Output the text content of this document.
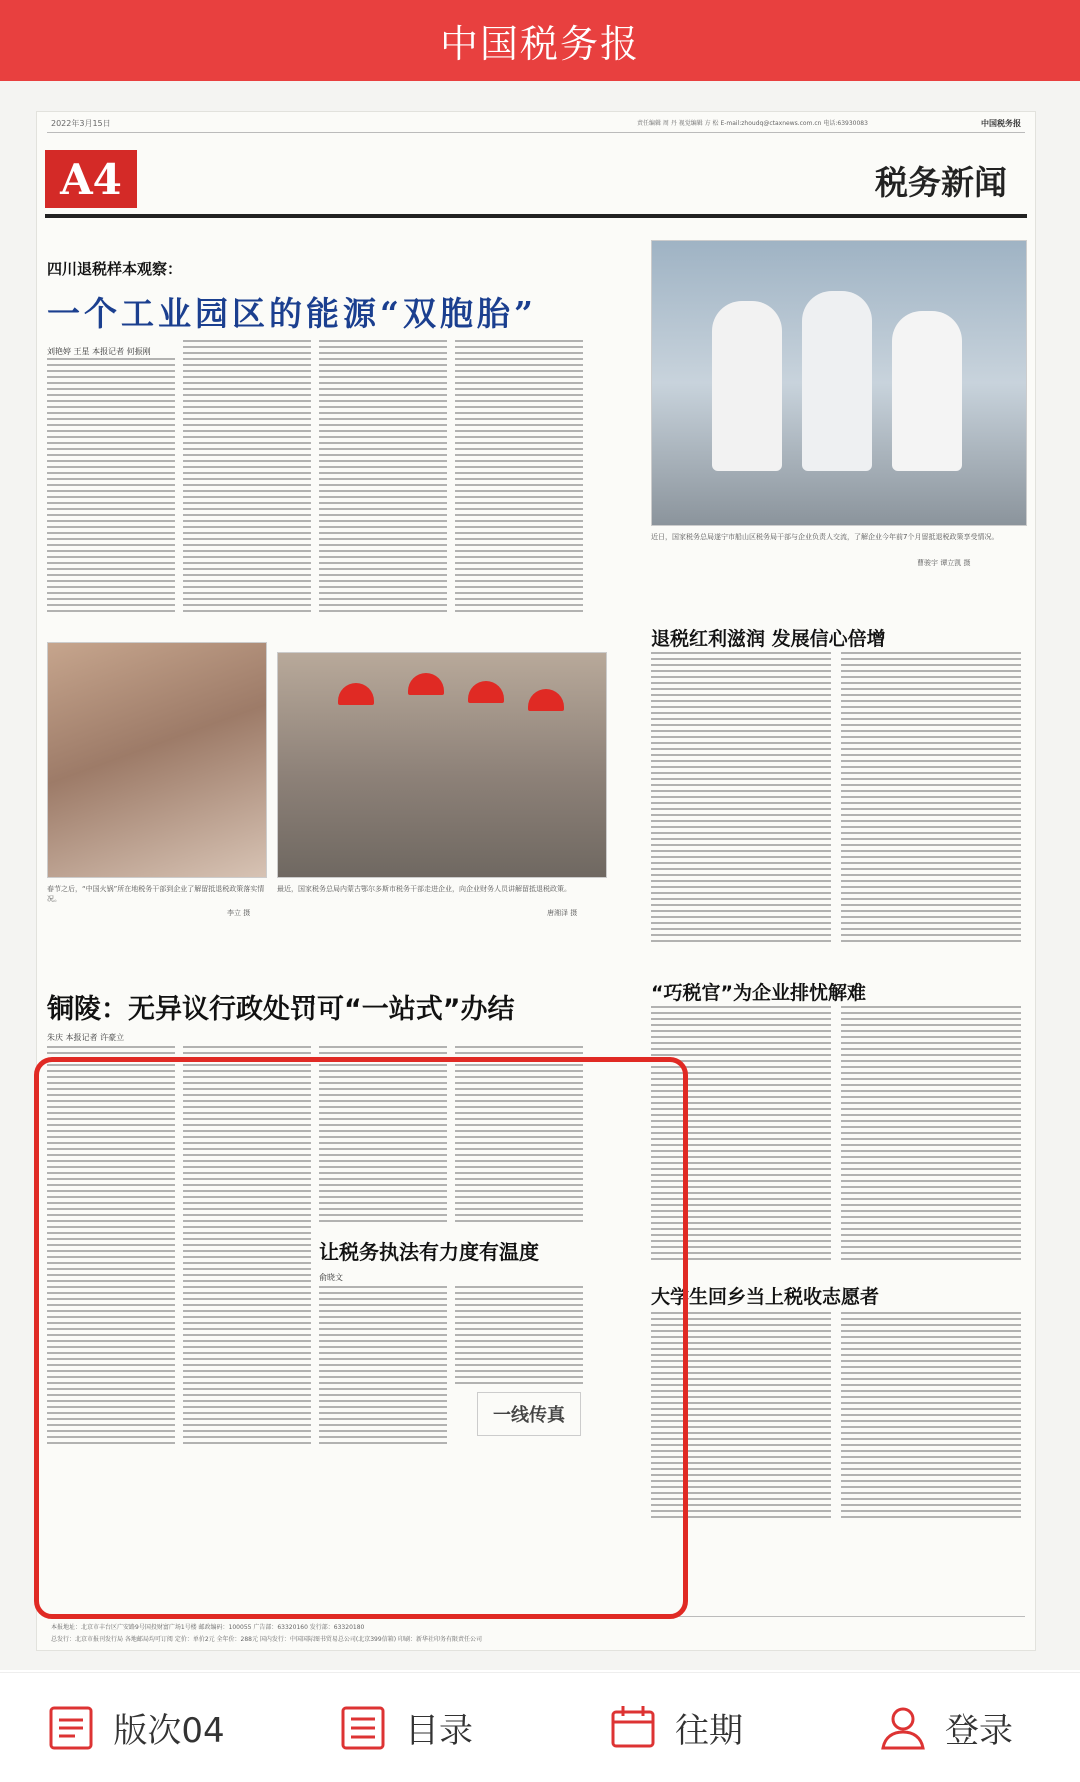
中国税务报
2022年3月15日	责任编辑 周 丹 视觉编辑 方 松 E-mail:zhoudq@ctaxnews.com.cn 电话:63930083	中国税务报
A4	税务新闻
四川退税样本观察：
一个工业园区的能源“双胞胎”
刘艳婷 王星 本报记者 何振刚
近日，国家税务总局遂宁市船山区税务局干部与企业负责人交流，了解企业今年前7个月留抵退税政策享受情况。
曹骏宇 谭立凯 摄
退税红利滋润 发展信心倍增
春节之后，“中国火锅”所在地税务干部到企业了解留抵退税政策落实情况。
李立 摄
最近，国家税务总局内蒙古鄂尔多斯市税务干部走进企业，向企业财务人员讲解留抵退税政策。
唐湘泽 摄
“巧税官”为企业排忧解难
大学生回乡当上税收志愿者
铜陵：无异议行政处罚可“一站式”办结
朱庆 本报记者 许豪立
让税务执法有力度有温度
俞晓文
一线传真
本报地址：北京市丰台区广安路9号国投财富广场1号楼 邮政编码：100055 广告部：63320160 发行部：63320180
总发行：北京市报刊发行局 各地邮局均可订阅 定价：单价2元 全年价：288元 国内发行：中国国际图书贸易总公司(北京399信箱) 印刷：新华社印务有限责任公司
版次04	目录	往期	登录
